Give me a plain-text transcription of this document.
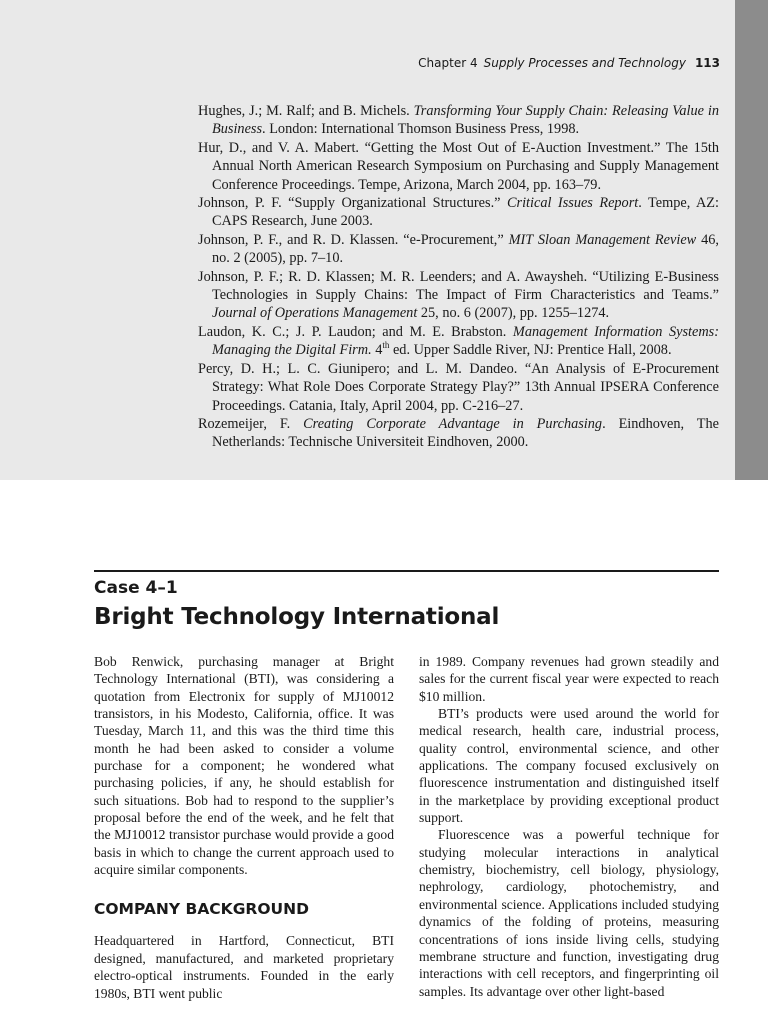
Chapter 4 Supply Processes and Technology 113

Hughes, J.; M. Ralf; and B. Michels. Transforming Your Supply Chain: Releasing Value in Business. London: International Thomson Business Press, 1998.

Hur, D., and V. A. Mabert. “Getting the Most Out of E-Auction Investment.” The 15th Annual North American Research Symposium on Purchasing and Supply Management Conference Proceedings. Tempe, Arizona, March 2004, pp. 163–79.

Johnson, P. F. “Supply Organizational Structures.” Critical Issues Report. Tempe, AZ: CAPS Research, June 2003.

Johnson, P. F., and R. D. Klassen. “e-Procurement,” MIT Sloan Management Review 46, no. 2 (2005), pp. 7–10.

Johnson, P. F.; R. D. Klassen; M. R. Leenders; and A. Awaysheh. “Utilizing E-Business Technologies in Supply Chains: The Impact of Firm Characteristics and Teams.” Journal of Operations Management 25, no. 6 (2007), pp. 1255–1274.

Laudon, K. C.; J. P. Laudon; and M. E. Brabston. Management Information Systems: Managing the Digital Firm. 4th ed. Upper Saddle River, NJ: Prentice Hall, 2008.

Percy, D. H.; L. C. Giunipero; and L. M. Dandeo. “An Analysis of E-Procurement Strategy: What Role Does Corporate Strategy Play?” 13th Annual IPSERA Conference Proceedings. Catania, Italy, April 2004, pp. C-216–27.

Rozemeijer, F. Creating Corporate Advantage in Purchasing. Eindhoven, The Netherlands: Technische Universiteit Eindhoven, 2000.

Case 4–1
Bright Technology International

Bob Renwick, purchasing manager at Bright Technology International (BTI), was considering a quotation from Electronix for supply of MJ10012 transistors, in his Modesto, California, office. It was Tuesday, March 11, and this was the third time this month he had been asked to consider a volume purchase for a component; he wondered what purchasing policies, if any, he should establish for such situations. Bob had to respond to the supplier’s proposal before the end of the week, and he felt that the MJ10012 transistor purchase would provide a good basis in which to change the current approach used to acquire similar components.

COMPANY BACKGROUND

Headquartered in Hartford, Connecticut, BTI designed, manufactured, and marketed proprietary electro-optical instruments. Founded in the early 1980s, BTI went public

in 1989. Company revenues had grown steadily and sales for the current fiscal year were expected to reach $10 million.

BTI’s products were used around the world for medical research, health care, industrial process, quality control, environmental science, and other applications. The company focused exclusively on fluorescence instrumentation and distinguished itself in the marketplace by providing exceptional product support.

Fluorescence was a powerful technique for studying molecular interactions in analytical chemistry, biochemistry, cell biology, physiology, nephrology, cardiology, photochemistry, and environmental science. Applications included studying dynamics of the folding of proteins, measuring concentrations of ions inside living cells, studying membrane structure and function, investigating drug interactions with cell receptors, and fingerprinting oil samples. Its advantage over other light-based
